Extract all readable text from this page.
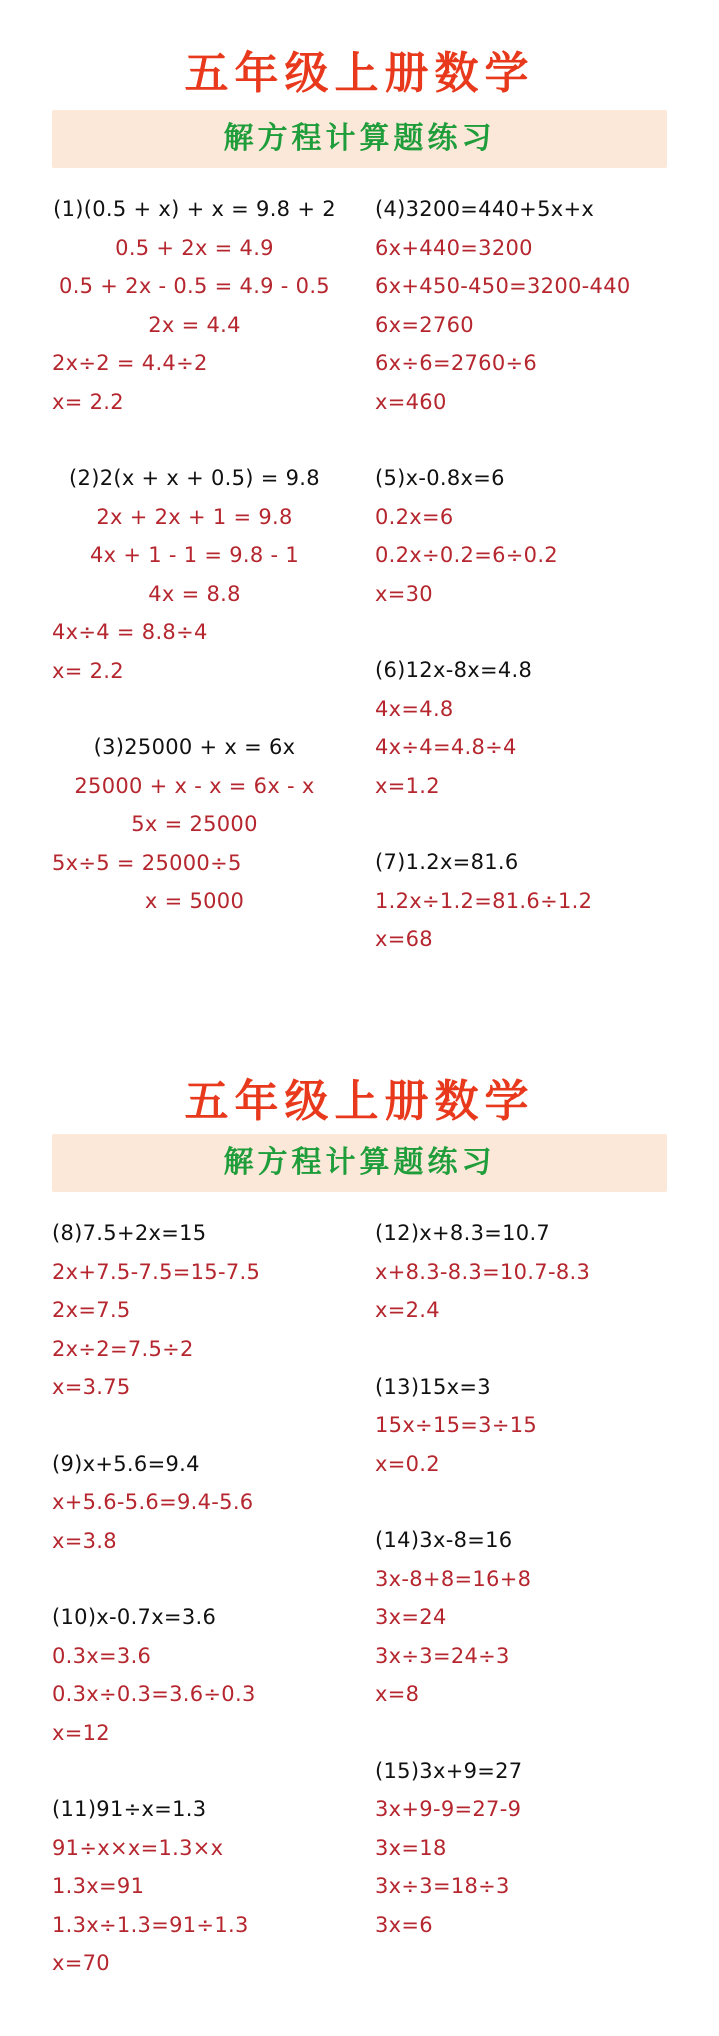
五年级上册数学
解方程计算题练习
(1)(0.5 + x) + x = 9.8 + 2
0.5 + 2x = 4.9
0.5 + 2x - 0.5 = 4.9 - 0.5
2x = 4.4
2x÷2 = 4.4÷2
x= 2.2
(2)2(x + x + 0.5) = 9.8
2x + 2x + 1 = 9.8
4x + 1 - 1 = 9.8 - 1
4x = 8.8
4x÷4 = 8.8÷4
x= 2.2
(3)25000 + x = 6x
25000 + x - x = 6x - x
5x = 25000
5x÷5 = 25000÷5
x = 5000
(4)3200=440+5x+x
6x+440=3200
6x+450-450=3200-440
6x=2760
6x÷6=2760÷6
x=460
(5)x-0.8x=6
0.2x=6
0.2x÷0.2=6÷0.2
x=30
(6)12x-8x=4.8
4x=4.8
4x÷4=4.8÷4
x=1.2
(7)1.2x=81.6
1.2x÷1.2=81.6÷1.2
x=68
五年级上册数学
解方程计算题练习
(8)7.5+2x=15
2x+7.5-7.5=15-7.5
2x=7.5
2x÷2=7.5÷2
x=3.75
(9)x+5.6=9.4
x+5.6-5.6=9.4-5.6
x=3.8
(10)x-0.7x=3.6
0.3x=3.6
0.3x÷0.3=3.6÷0.3
x=12
(11)91÷x=1.3
91÷x×x=1.3×x
1.3x=91
1.3x÷1.3=91÷1.3
x=70
(12)x+8.3=10.7
x+8.3-8.3=10.7-8.3
x=2.4
(13)15x=3
15x÷15=3÷15
x=0.2
(14)3x-8=16
3x-8+8=16+8
3x=24
3x÷3=24÷3
x=8
(15)3x+9=27
3x+9-9=27-9
3x=18
3x÷3=18÷3
3x=6
